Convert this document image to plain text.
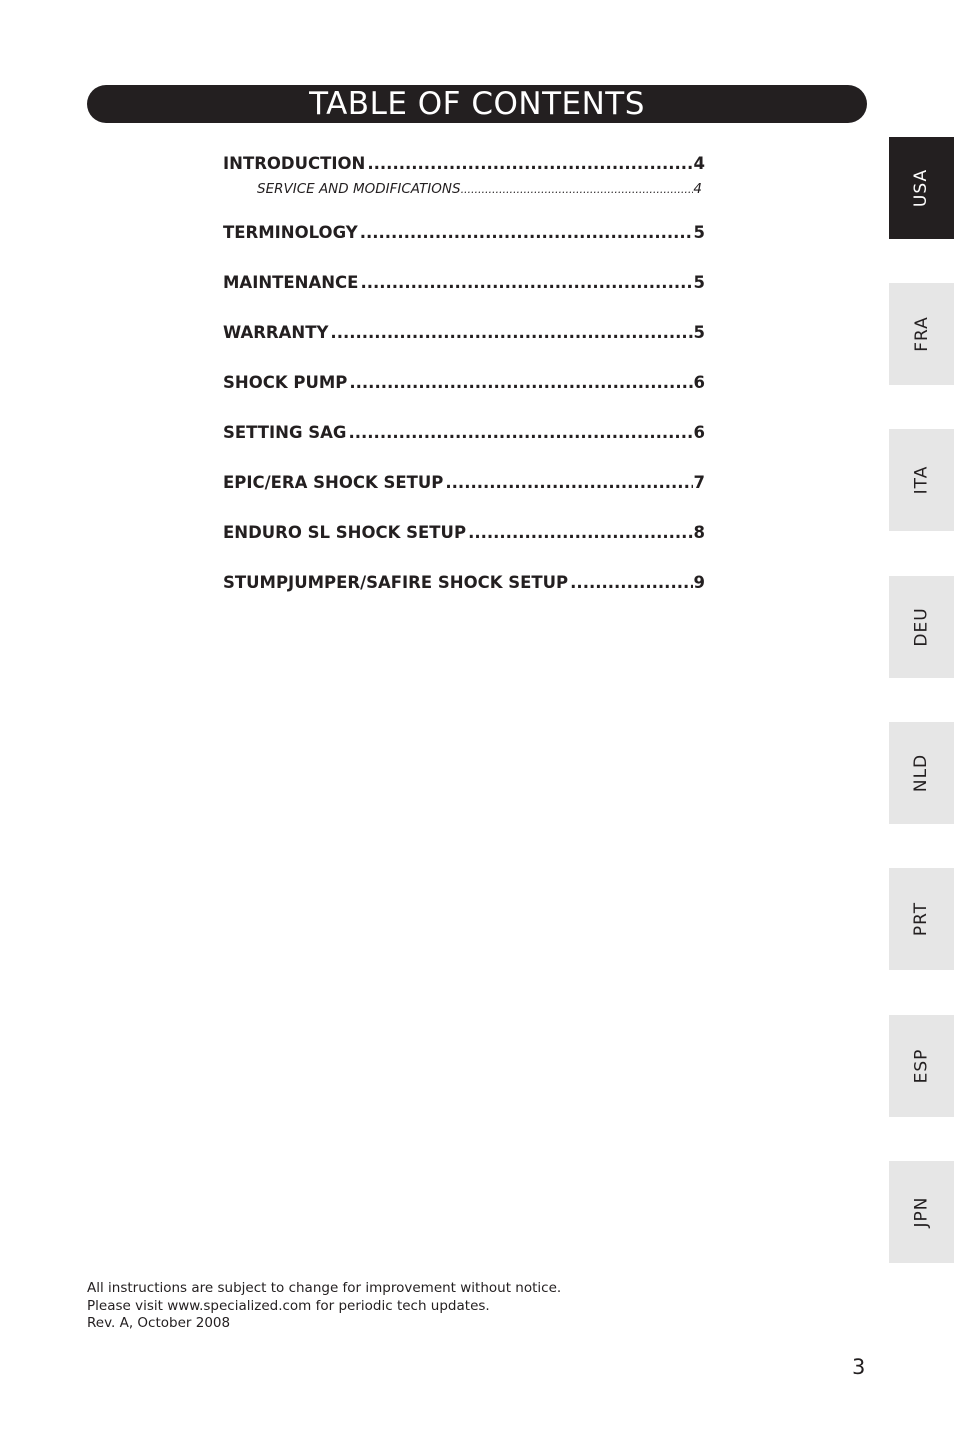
TABLE OF CONTENTS
INTRODUCTION .....	4
SERVICE AND MODIFICATIONS .....	4
TERMINOLOGY .....	5
MAINTENANCE .....	5
WARRANTY .....	5
SHOCK PUMP .....	6
SETTING SAG .....	6
EPIC/ERA SHOCK SETUP .....	7
ENDURO SL SHOCK SETUP .....	8
STUMPJUMPER/SAFIRE SHOCK SETUP .....	9
USA
FRA
ITA
DEU
NLD
PRT
ESP
JPN
All instructions are subject to change for improvement without notice.
Please visit www.specialized.com for periodic tech updates.
Rev. A, October 2008
3
